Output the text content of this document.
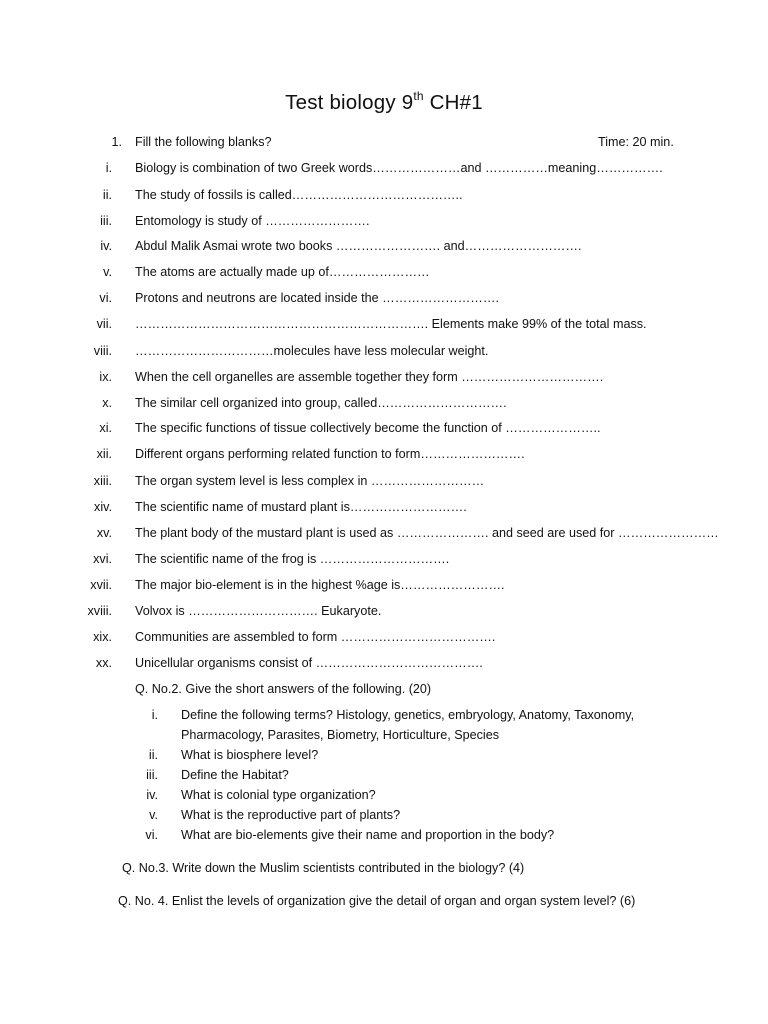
Test biology 9th CH#1
1. Fill the following blanks?	Time: 20 min.
i. Biology is combination of two Greek words…………………and ……………meaning…………….
ii. The study of fossils is called…………………………………..
iii. Entomology is study of …………………….
iv. Abdul Malik Asmai wrote two books ……………………. and……………………….
v. The atoms are actually made up of……………………
vi. Protons and neutrons are located inside the ……………………….
vii. ……………………………………………………………. Elements make 99% of the total mass.
viii. ……………………………molecules have less molecular weight.
ix. When the cell organelles are assemble together they form …………………………….
x. The similar cell organized into group, called………………………….
xi. The specific functions of tissue collectively become the function of …………………..
xii. Different organs performing related function to form…………………….
xiii. The organ system level is less complex in ………………………
xiv. The scientific name of mustard plant is……………………….
xv. The plant body of the mustard plant is used as …………………. and seed are used for ……………………
xvi. The scientific name of the frog is ………………………….
xvii. The major bio-element is in the highest %age is…………………….
xviii. Volvox is …………………………. Eukaryote.
xix. Communities are assembled to form ……………………………….
xx. Unicellular organisms consist of ………………………………….
Q. No.2. Give the short answers of the following. (20)
i. Define the following terms? Histology, genetics, embryology, Anatomy, Taxonomy, Pharmacology, Parasites, Biometry, Horticulture, Species
ii. What is biosphere level?
iii. Define the Habitat?
iv. What is colonial type organization?
v. What is the reproductive part of plants?
vi. What are bio-elements give their name and proportion in the body?
Q. No.3. Write down the Muslim scientists contributed in the biology? (4)
Q. No. 4. Enlist the levels of organization give the detail of organ and organ system level? (6)
